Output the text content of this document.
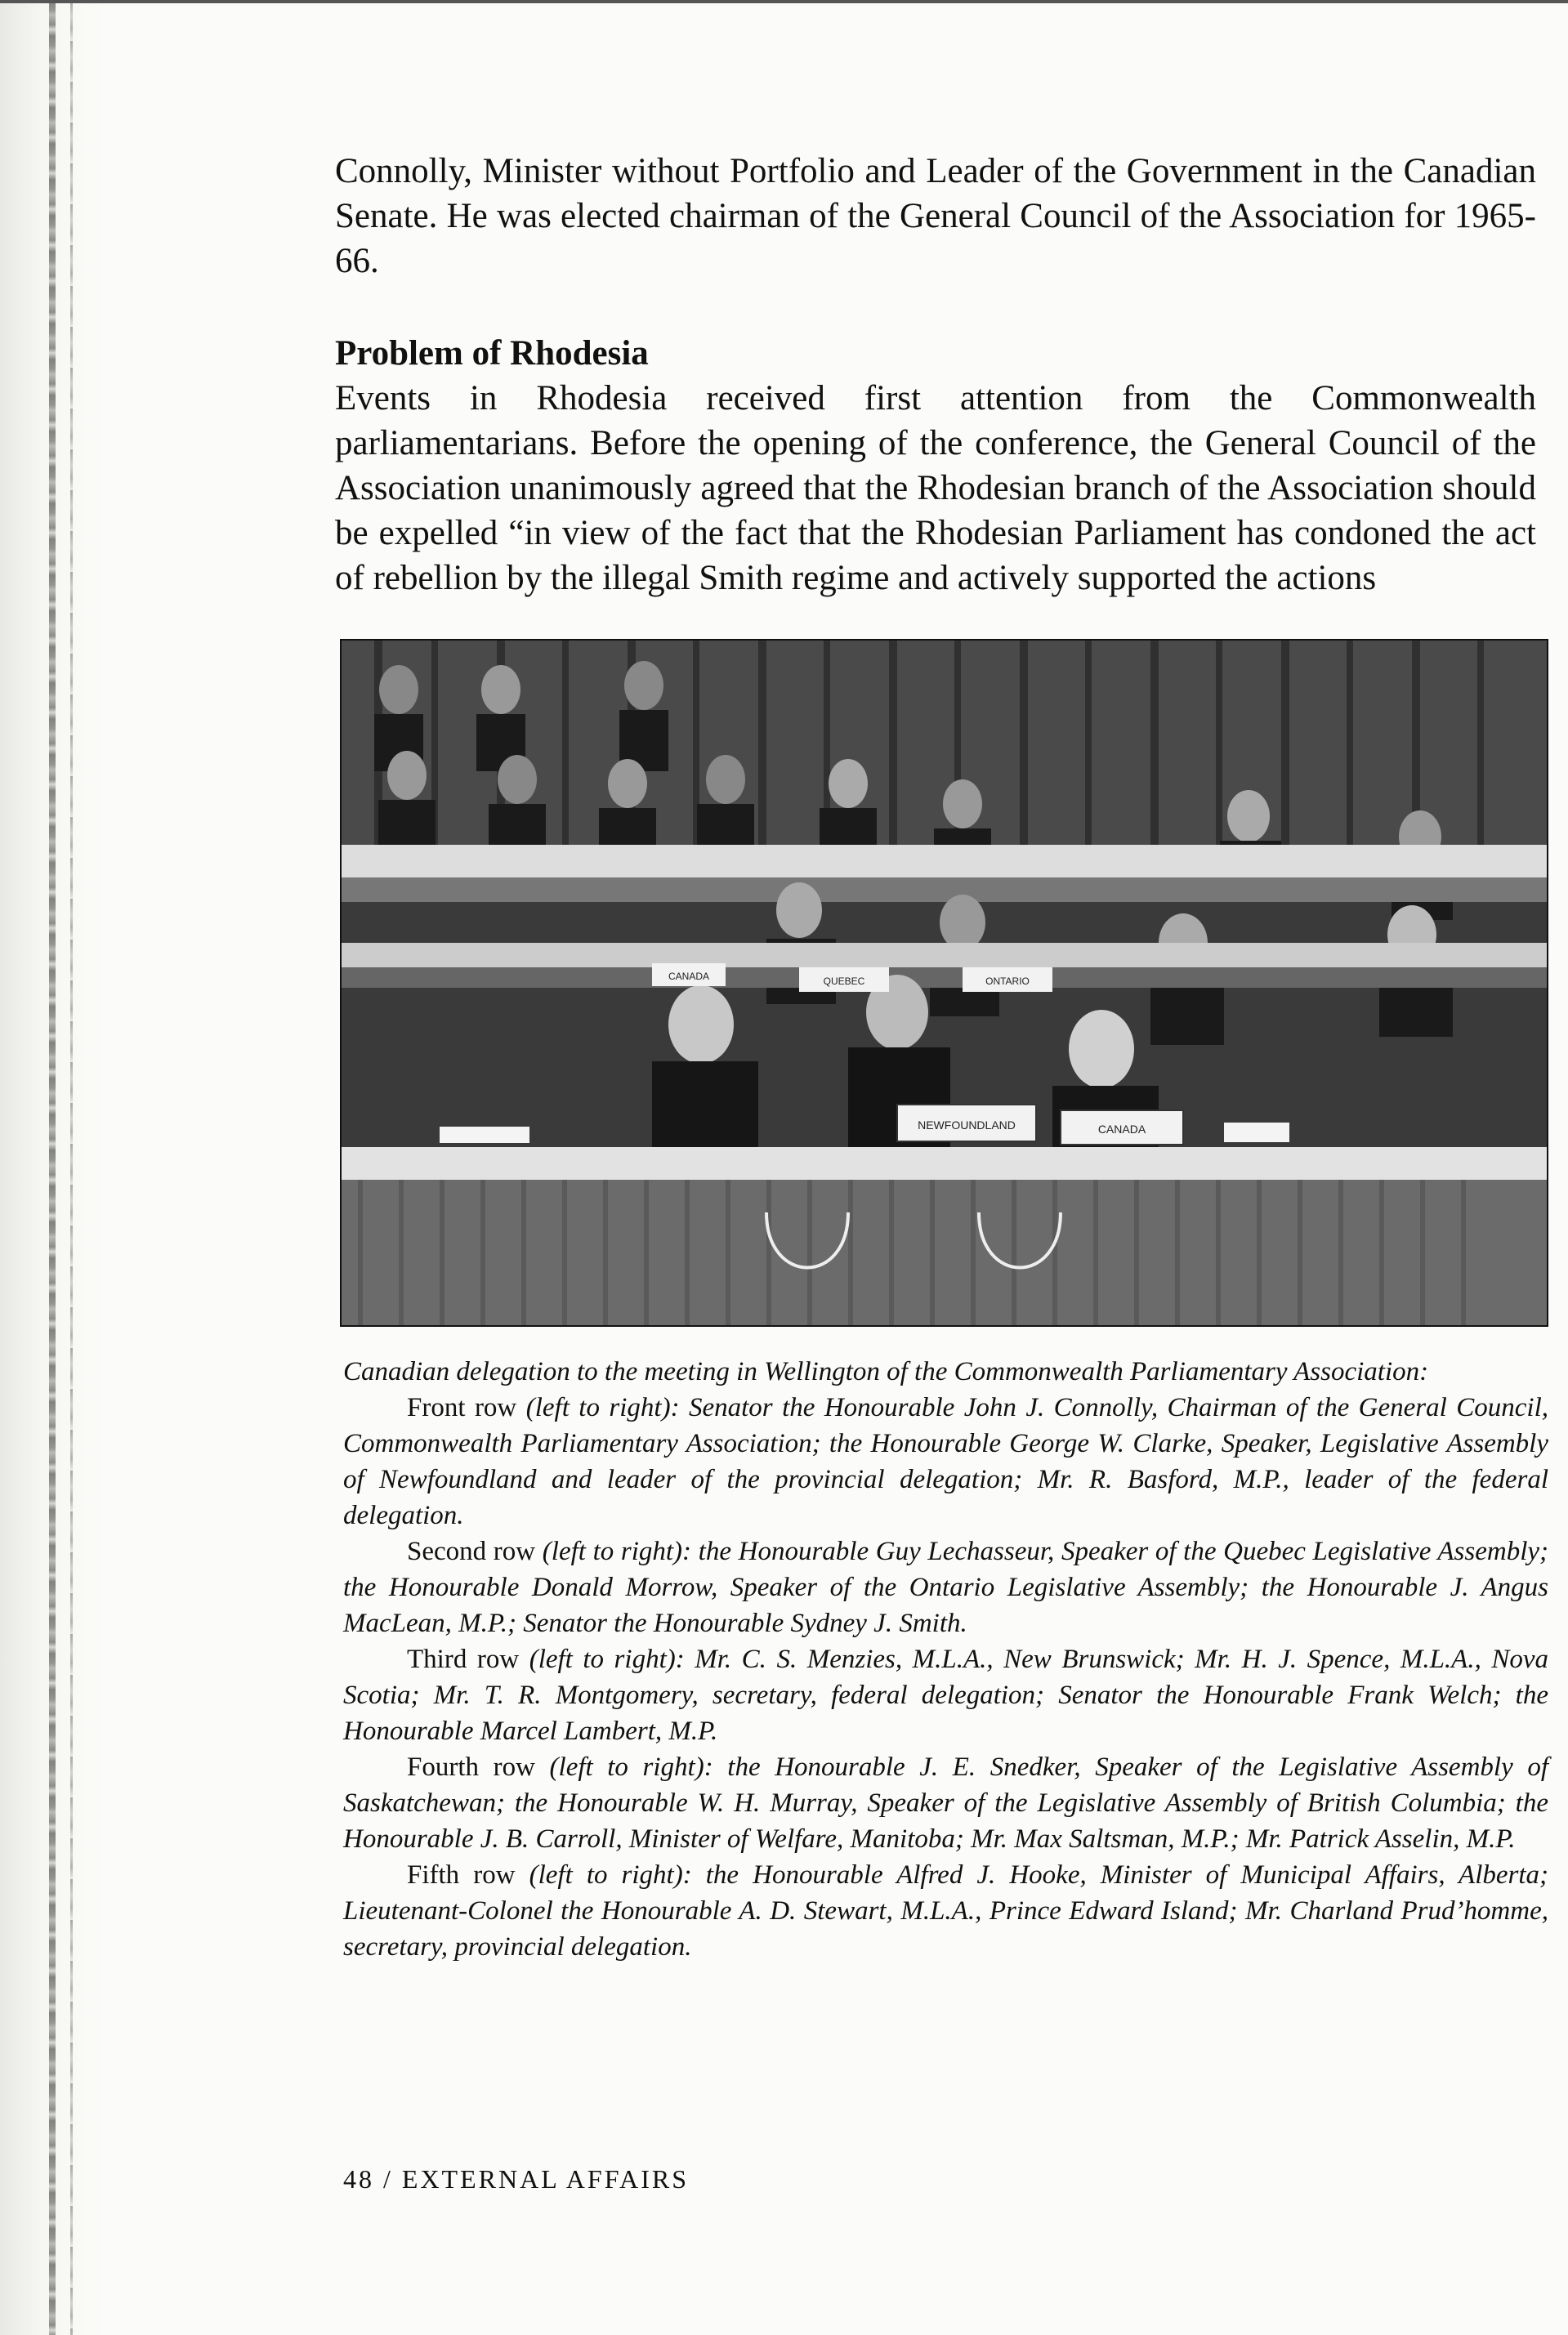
Connolly, Minister without Portfolio and Leader of the Government in the Canadian Senate. He was elected chairman of the General Council of the Association for 1965-66.

Problem of Rhodesia

Events in Rhodesia received first attention from the Commonwealth parliamentarians. Before the opening of the conference, the General Council of the Association unanimously agreed that the Rhodesian branch of the Association should be expelled “in view of the fact that the Rhodesian Parliament has condoned the act of rebellion by the illegal Smith regime and actively supported the actions

NEWFOUNDLAND	CANADA
QUEBEC	ONTARIO
CANADA

Canadian delegation to the meeting in Wellington of the Commonwealth Parliamentary Association:

Front row (left to right): Senator the Honourable John J. Connolly, Chairman of the General Council, Commonwealth Parliamentary Association; the Honourable George W. Clarke, Speaker, Legislative Assembly of Newfoundland and leader of the provincial delegation; Mr. R. Basford, M.P., leader of the federal delegation.

Second row (left to right): the Honourable Guy Lechasseur, Speaker of the Quebec Legislative Assembly; the Honourable Donald Morrow, Speaker of the Ontario Legislative Assembly; the Honourable J. Angus MacLean, M.P.; Senator the Honourable Sydney J. Smith.

Third row (left to right): Mr. C. S. Menzies, M.L.A., New Brunswick; Mr. H. J. Spence, M.L.A., Nova Scotia; Mr. T. R. Montgomery, secretary, federal delegation; Senator the Honourable Frank Welch; the Honourable Marcel Lambert, M.P.

Fourth row (left to right): the Honourable J. E. Snedker, Speaker of the Legislative Assembly of Saskatchewan; the Honourable W. H. Murray, Speaker of the Legislative Assembly of British Columbia; the Honourable J. B. Carroll, Minister of Welfare, Manitoba; Mr. Max Saltsman, M.P.; Mr. Patrick Asselin, M.P.

Fifth row (left to right): the Honourable Alfred J. Hooke, Minister of Municipal Affairs, Alberta; Lieutenant-Colonel the Honourable A. D. Stewart, M.L.A., Prince Edward Island; Mr. Charland Prud’homme, secretary, provincial delegation.

48 / EXTERNAL AFFAIRS
